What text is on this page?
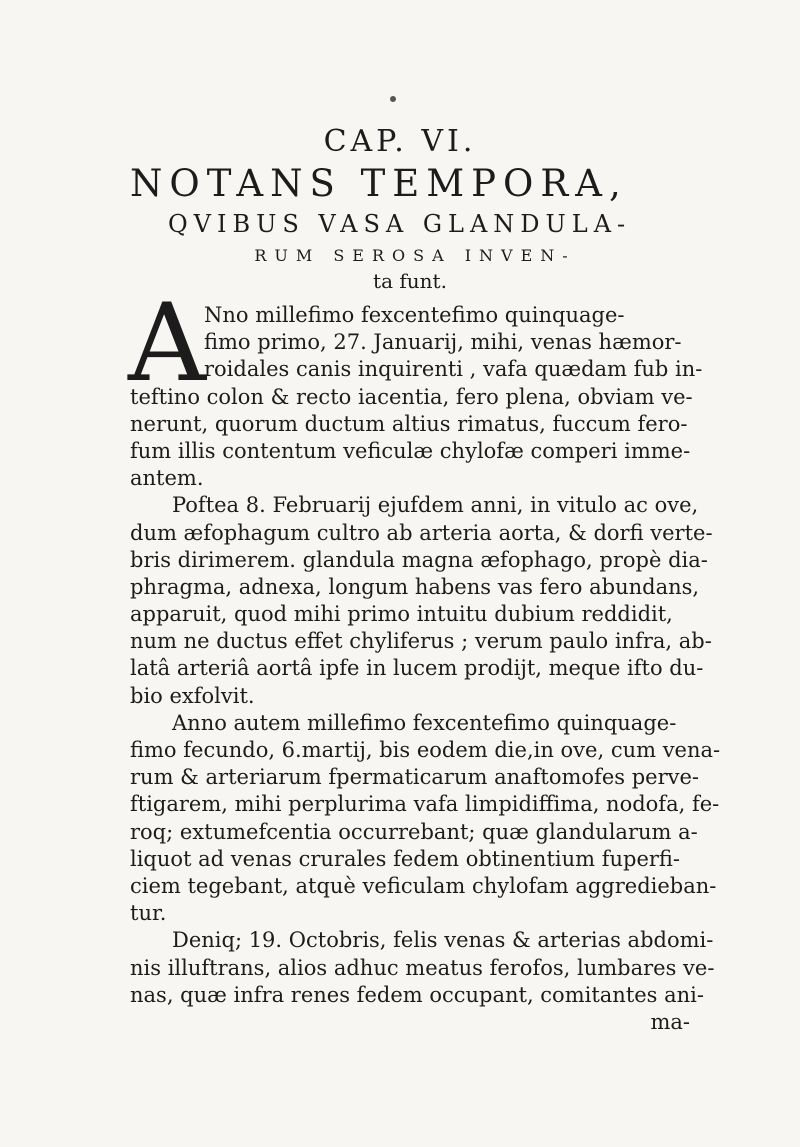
CAP. VI.
NOTANS TEMPORA,
QVIBUS VASA GLANDULA-
RUM SEROSA INVEN-
ta funt.
A
Nno millefimo fexcentefimo quinquage-
fimo primo, 27. Januarij, mihi, venas hæmor-
roidales canis inquirenti , vafa quædam fub in-
teftino colon & recto iacentia, fero plena, obviam ve-
nerunt, quorum ductum altius rimatus, fuccum fero-
fum illis contentum veficulæ chylofæ comperi imme-
antem.
Poftea 8. Februarij ejufdem anni, in vitulo ac ove,
dum æfophagum cultro ab arteria aorta, & dorfi verte-
bris dirimerem. glandula magna æfophago, propè dia-
phragma, adnexa, longum habens vas fero abundans,
apparuit, quod mihi primo intuitu dubium reddidit,
num ne ductus effet chyliferus ; verum paulo infra, ab-
latâ arteriâ aortâ ipfe in lucem prodijt, meque ifto du-
bio exfolvit.
Anno autem millefimo fexcentefimo quinquage-
fimo fecundo, 6.martij, bis eodem die,in ove, cum vena-
rum & arteriarum fpermaticarum anaftomofes perve-
ftigarem, mihi perplurima vafa limpidiffima, nodofa, fe-
roq; extumefcentia occurrebant; quæ glandularum a-
liquot ad venas crurales fedem obtinentium fuperfi-
ciem tegebant, atquè veficulam chylofam aggredieban-
tur.
Deniq; 19. Octobris, felis venas & arterias abdomi-
nis illuftrans, alios adhuc meatus ferofos, lumbares ve-
nas, quæ infra renes fedem occupant, comitantes ani-
ma-
